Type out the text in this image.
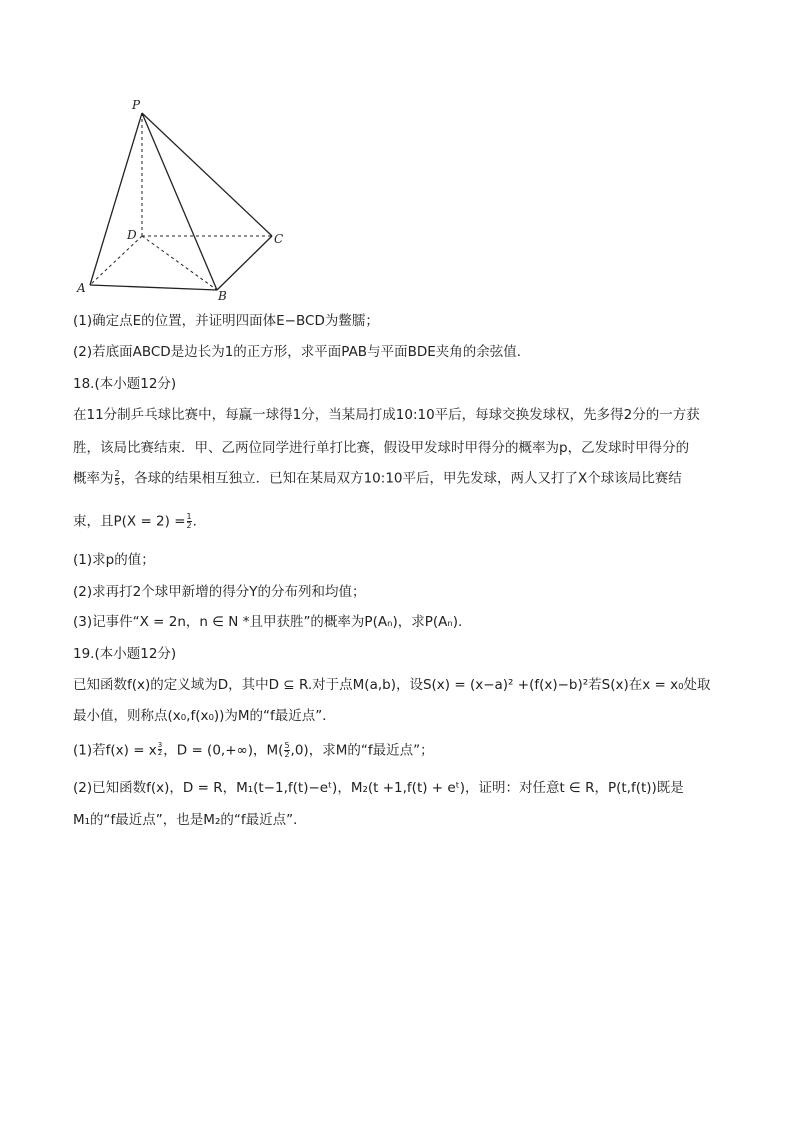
P
D	C
A
B
(1)确定点E的位置，并证明四面体E−BCD为鳖臑；
(2)若底面ABCD是边长为1的正方形，求平面PAB与平面BDE夹角的余弦值．
18.(本小题12分)
在11分制乒乓球比赛中，每赢一球得1分，当某局打成10:10平后，每球交换发球权，先多得2分的一方获
胜，该局比赛结束．甲、乙两位同学进行单打比赛，假设甲发球时甲得分的概率为p，乙发球时甲得分的
概率为 $\frac{2}{5}$ ，各球的结果相互独立．已知在某局双方10:10平后，甲先发球，两人又打了X个球该局比赛结
束，且$P(X = 2) = \frac{1}{2}$ .
(1)求p的值；
(2)求再打2个球甲新增的得分Y的分布列和均值；
(3)记事件“X = 2n，n ∈ N *且甲获胜”的概率为P(Aₙ)，求P(Aₙ).
19.(本小题12分)
已知函数f(x)的定义域为D，其中D ⊆ R.对于点M(a,b)，设S(x) = (x−a)² +(f(x)−b)²若S(x)在x = x₀处取
最小值，则称点(x₀,f(x₀))为M的“f最近点”．
(1)若f(x) = x $\frac{3}{2}$ ，D = (0,+∞)，$M( \frac{5}{2} ,0)$，求M的“f最近点”；
(2)已知函数f(x)，D = R，M₁(t−1,f(t)−eᵗ)，M₂(t +1,f(t) + eᵗ)，证明：对任意t ∈ R，P(t,f(t))既是
M₁的“f最近点”，也是M₂的“f最近点”．
